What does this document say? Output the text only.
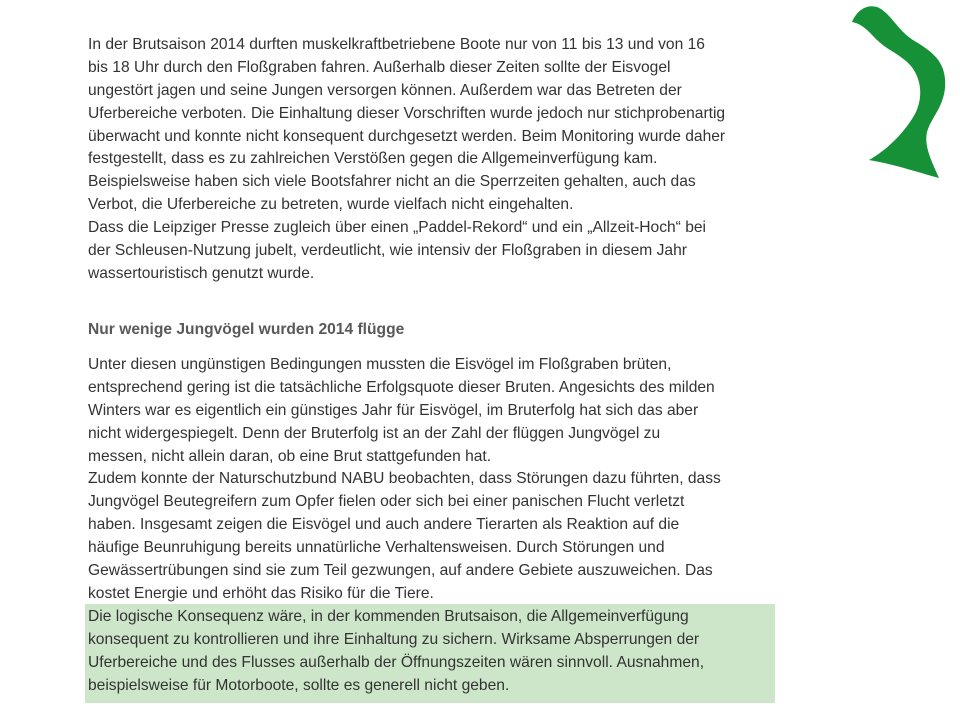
In der Brutsaison 2014 durften muskelkraftbetriebene Boote nur von 11 bis 13 und von 16
bis 18 Uhr durch den Floßgraben fahren. Außerhalb dieser Zeiten sollte der Eisvogel
ungestört jagen und seine Jungen versorgen können. Außerdem war das Betreten der
Uferbereiche verboten. Die Einhaltung dieser Vorschriften wurde jedoch nur stichprobenartig
überwacht und konnte nicht konsequent durchgesetzt werden. Beim Monitoring wurde daher
festgestellt, dass es zu zahlreichen Verstößen gegen die Allgemeinverfügung kam.
Beispielsweise haben sich viele Bootsfahrer nicht an die Sperrzeiten gehalten, auch das
Verbot, die Uferbereiche zu betreten, wurde vielfach nicht eingehalten.
Dass die Leipziger Presse zugleich über einen „Paddel-Rekord“ und ein „Allzeit-Hoch“ bei
der Schleusen-Nutzung jubelt, verdeutlicht, wie intensiv der Floßgraben in diesem Jahr
wassertouristisch genutzt wurde.
Nur wenige Jungvögel wurden 2014 flügge
Unter diesen ungünstigen Bedingungen mussten die Eisvögel im Floßgraben brüten,
entsprechend gering ist die tatsächliche Erfolgsquote dieser Bruten. Angesichts des milden
Winters war es eigentlich ein günstiges Jahr für Eisvögel, im Bruterfolg hat sich das aber
nicht widergespiegelt. Denn der Bruterfolg ist an der Zahl der flüggen Jungvögel zu
messen, nicht allein daran, ob eine Brut stattgefunden hat.
Zudem konnte der Naturschutzbund NABU beobachten, dass Störungen dazu führten, dass
Jungvögel Beutegreifern zum Opfer fielen oder sich bei einer panischen Flucht verletzt
haben. Insgesamt zeigen die Eisvögel und auch andere Tierarten als Reaktion auf die
häufige Beunruhigung bereits unnatürliche Verhaltensweisen. Durch Störungen und
Gewässertrübungen sind sie zum Teil gezwungen, auf andere Gebiete auszuweichen. Das
kostet Energie und erhöht das Risiko für die Tiere.
Die logische Konsequenz wäre, in der kommenden Brutsaison, die Allgemeinverfügung
konsequent zu kontrollieren und ihre Einhaltung zu sichern. Wirksame Absperrungen der
Uferbereiche und des Flusses außerhalb der Öffnungszeiten wären sinnvoll. Ausnahmen,
beispielsweise für Motorboote, sollte es generell nicht geben.
